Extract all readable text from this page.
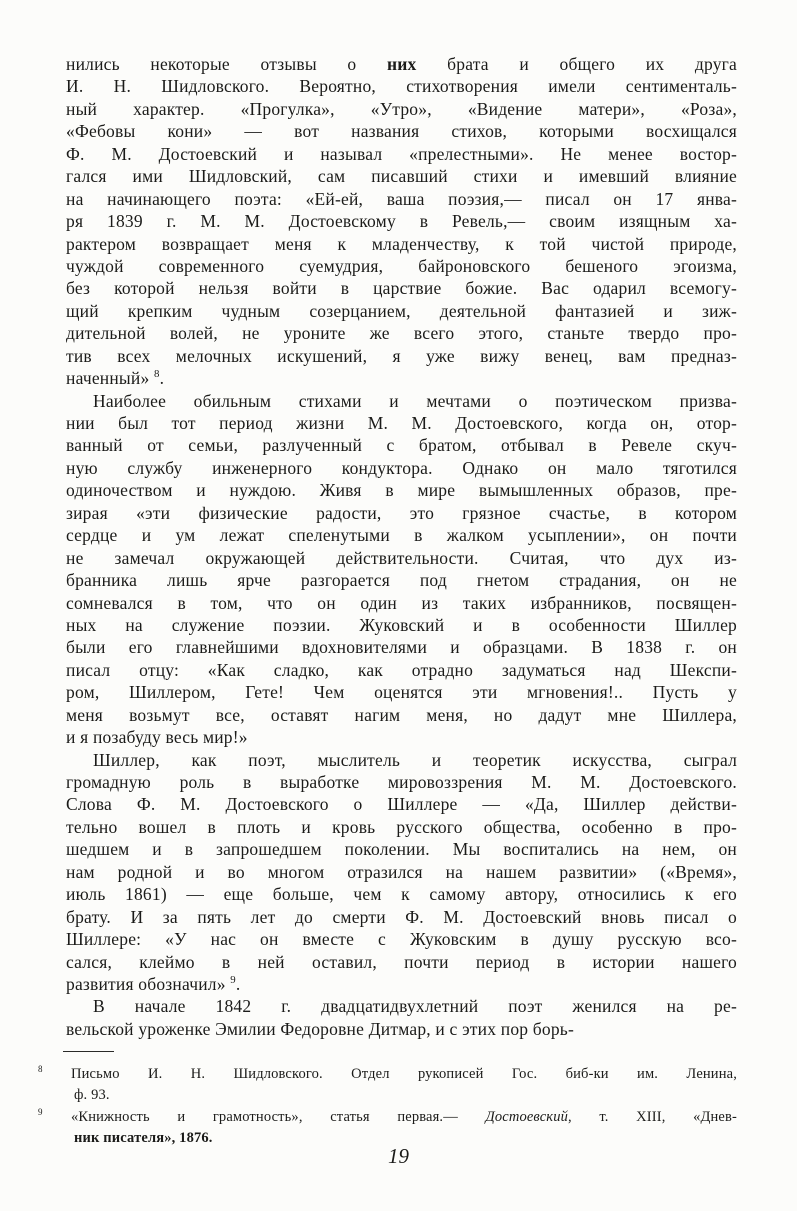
нились некоторые отзывы о них брата и общего их друга
И. Н. Шидловского. Вероятно, стихотворения имели сентименталь-
ный характер. «Прогулка», «Утро», «Видение матери», «Роза»,
«Фебовы кони» — вот названия стихов, которыми восхищался
Ф. М. Достоевский и называл «прелестными». Не менее востор-
гался ими Шидловский, сам писавший стихи и имевший влияние
на начинающего поэта: «Ей-ей, ваша поэзия,— писал он 17 янва-
ря 1839 г. М. М. Достоевскому в Ревель,— своим изящным ха-
рактером возвращает меня к младенчеству, к той чистой природе,
чуждой современного суемудрия, байроновского бешеного эгоизма,
без которой нельзя войти в царствие божие. Вас одарил всемогу-
щий крепким чудным созерцанием, деятельной фантазией и зиж-
дительной волей, не уроните же всего этого, станьте твердо про-
тив всех мелочных искушений, я уже вижу венец, вам предназ-
наченный» $^8$.
Наиболее обильным стихами и мечтами о поэтическом призва-
нии был тот период жизни М. М. Достоевского, когда он, отор-
ванный от семьи, разлученный с братом, отбывал в Ревеле скуч-
ную службу инженерного кондуктора. Однако он мало тяготился
одиночеством и нуждою. Живя в мире вымышленных образов, пре-
зирая «эти физические радости, это грязное счастье, в котором
сердце и ум лежат спеленутыми в жалком усыплении», он почти
не замечал окружающей действительности. Считая, что дух из-
бранника лишь ярче разгорается под гнетом страдания, он не
сомневался в том, что он один из таких избранников, посвящен-
ных на служение поэзии. Жуковский и в особенности Шиллер
были его главнейшими вдохновителями и образцами. В 1838 г. он
писал отцу: «Как сладко, как отрадно задуматься над Шекспи-
ром, Шиллером, Гете! Чем оценятся эти мгновения!.. Пусть у
меня возьмут все, оставят нагим меня, но дадут мне Шиллера,
и я позабуду весь мир!»
Шиллер, как поэт, мыслитель и теоретик искусства, сыграл
громадную роль в выработке мировоззрения М. М. Достоевского.
Слова Ф. М. Достоевского о Шиллере — «Да, Шиллер действи-
тельно вошел в плоть и кровь русского общества, особенно в про-
шедшем и в запрошедшем поколении. Мы воспитались на нем, он
нам родной и во многом отразился на нашем развитии» («Время»,
июль 1861) — еще больше, чем к самому автору, относились к его
брату. И за пять лет до смерти Ф. М. Достоевский вновь писал о
Шиллере: «У нас он вместе с Жуковским в душу русскую всо-
сался, клеймо в ней оставил, почти период в истории нашего
развития обозначил» $^9$.
В начале 1842 г. двадцатидвухлетний поэт женился на ре-
вельской уроженке Эмилии Федоровне Дитмар, и с этих пор борь-
8 Письмо И. Н. Шидловского. Отдел рукописей Гос. биб-ки им. Ленина,
ф. 93.
9 «Книжность и грамотность», статья первая.— Достоевский, т. XIII, «Днев-
ник писателя», 1876.
19
